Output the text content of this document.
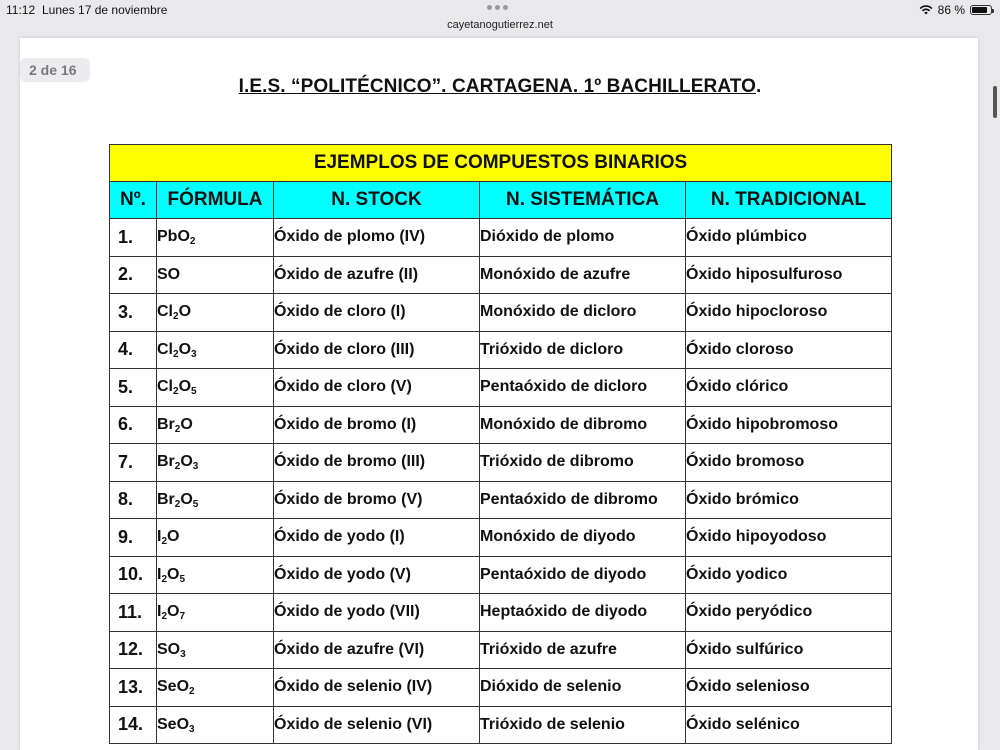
11:12 Lunes 17 de noviembre	86 %
cayetanogutierrez.net
2 de 16
I.E.S. “POLITÉCNICO”. CARTAGENA. 1º BACHILLERATO.
EJEMPLOS DE COMPUESTOS BINARIOS				
Nº.	FÓRMULA	N. STOCK	N. SISTEMÁTICA	N. TRADICIONAL
1.	PbO$_2$	Óxido de plomo (IV)	Dióxido de plomo	Óxido plúmbico
2.	SO	Óxido de azufre (II)	Monóxido de azufre	Óxido hiposulfuroso
3.	$Cl_2O$	Óxido de cloro (I)	Monóxido de dicloro	Óxido hipocloroso
4.	$Cl_2O_3$	Óxido de cloro (III)	Trióxido de dicloro	Óxido cloroso
5.	$Cl_2O_5$	Óxido de cloro (V)	Pentaóxido de dicloro	Óxido clórico
6.	$Br_2O$	Óxido de bromo (I)	Monóxido de dibromo	Óxido hipobromoso
7.	$Br_2O_3$	Óxido de bromo (III)	Trióxido de dibromo	Óxido bromoso
8.	$Br_2O_5$	Óxido de bromo (V)	Pentaóxido de dibromo	Óxido brómico
9.	$I_2O$	Óxido de yodo (I)	Monóxido de diyodo	Óxido hipoyodoso
10.	$I_2O_5$	Óxido de yodo (V)	Pentaóxido de diyodo	Óxido yodico
11.	$I_2O_7$	Óxido de yodo (VII)	Heptaóxido de diyodo	Óxido peryódico
12.	$SO_3$	Óxido de azufre (VI)	Trióxido de azufre	Óxido sulfúrico
13.	SeO$_2$	Óxido de selenio (IV)	Dióxido de selenio	Óxido selenioso
14.	SeO$_3$	Óxido de selenio (VI)	Trióxido de selenio	Óxido selénico
